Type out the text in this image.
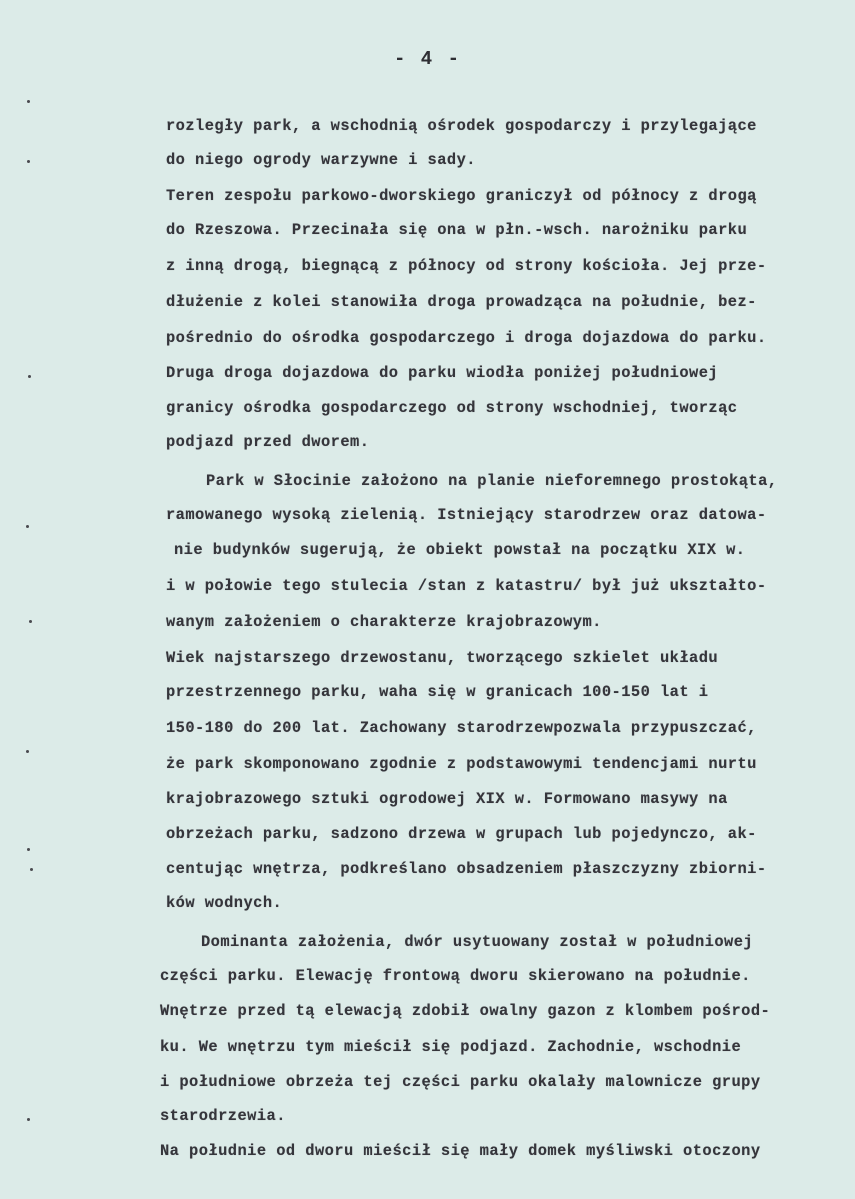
- 4 -
rozległy park, a wschodnią ośrodek gospodarczy i przylegające
do niego ogrody warzywne i sady.
Teren zespołu parkowo-dworskiego graniczył od północy z drogą
do Rzeszowa. Przecinała się ona w płn.-wsch. narożniku parku
z inną drogą, biegnącą z północy od strony kościoła. Jej prze-
dłużenie z kolei stanowiła droga prowadząca na południe, bez-
pośrednio do ośrodka gospodarczego i droga dojazdowa do parku.
Druga droga dojazdowa do parku wiodła poniżej południowej
granicy ośrodka gospodarczego od strony wschodniej, tworząc
podjazd przed dworem.
Park w Słocinie założono na planie nieforemnego prostokąta,
ramowanego wysoką zielenią. Istniejący starodrzew oraz datowa-
nie budynków sugerują, że obiekt powstał na początku XIX w.
i w połowie tego stulecia /stan z katastru/ był już ukształto-
wanym założeniem o charakterze krajobrazowym.
Wiek najstarszego drzewostanu, tworzącego szkielet układu
przestrzennego parku, waha się w granicach 100-150 lat i
150-180 do 200 lat. Zachowany starodrzewpozwala przypuszczać,
że park skomponowano zgodnie z podstawowymi tendencjami nurtu
krajobrazowego sztuki ogrodowej XIX w. Formowano masywy na
obrzeżach parku, sadzono drzewa w grupach lub pojedynczo, ak-
centując wnętrza, podkreślano obsadzeniem płaszczyzny zbiorni-
ków wodnych.
Dominanta założenia, dwór usytuowany został w południowej
części parku. Elewację frontową dworu skierowano na południe.
Wnętrze przed tą elewacją zdobił owalny gazon z klombem pośrod-
ku. We wnętrzu tym mieścił się podjazd. Zachodnie, wschodnie
i południowe obrzeża tej części parku okalały malownicze grupy
starodrzewia.
Na południe od dworu mieścił się mały domek myśliwski otoczony
